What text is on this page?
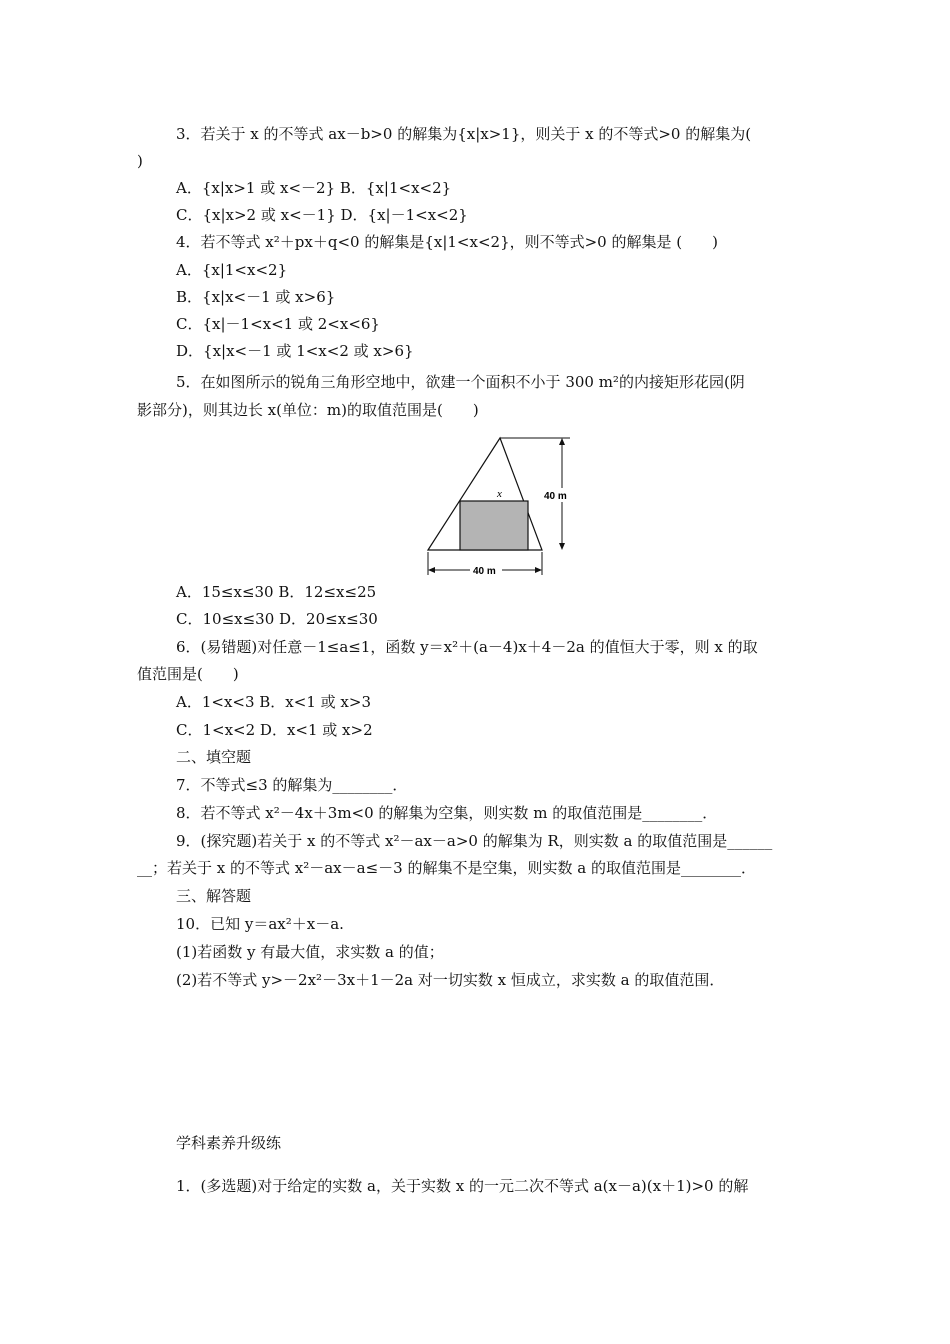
3．若关于 x 的不等式 ax－b>0 的解集为{x|x>1}，则关于 x 的不等式>0 的解集为(
)
A．{x|x>1 或 x<－2} B．{x|1<x<2}
C．{x|x>2 或 x<－1} D．{x|－1<x<2}
4．若不等式 x²＋px＋q<0 的解集是{x|1<x<2}，则不等式>0 的解集是 (　　)
A．{x|1<x<2}
B．{x|x<－1 或 x>6}
C．{x|－1<x<1 或 2<x<6}
D．{x|x<－1 或 1<x<2 或 x>6}
5．在如图所示的锐角三角形空地中，欲建一个面积不小于 300 m²的内接矩形花园(阴
影部分)，则其边长 x(单位：m)的取值范围是(　　)
x	40 m
40 m
A．15≤x≤30 B．12≤x≤25
C．10≤x≤30 D．20≤x≤30
6．(易错题)对任意－1≤a≤1，函数 y＝x²＋(a－4)x＋4－2a 的值恒大于零，则 x 的取
值范围是(　　)
A．1<x<3 B．x<1 或 x>3
C．1<x<2 D．x<1 或 x>2
二、填空题
7．不等式≤3 的解集为________．
8．若不等式 x²－4x＋3m<0 的解集为空集，则实数 m 的取值范围是________．
9．(探究题)若关于 x 的不等式 x²－ax－a>0 的解集为 R，则实数 a 的取值范围是______
__；若关于 x 的不等式 x²－ax－a≤－3 的解集不是空集，则实数 a 的取值范围是________．
三、解答题
10．已知 y＝ax²＋x－a.
(1)若函数 y 有最大值，求实数 a 的值；
(2)若不等式 y>－2x²－3x＋1－2a 对一切实数 x 恒成立，求实数 a 的取值范围．
学科素养升级练
1．(多选题)对于给定的实数 a，关于实数 x 的一元二次不等式 a(x－a)(x＋1)>0 的解
